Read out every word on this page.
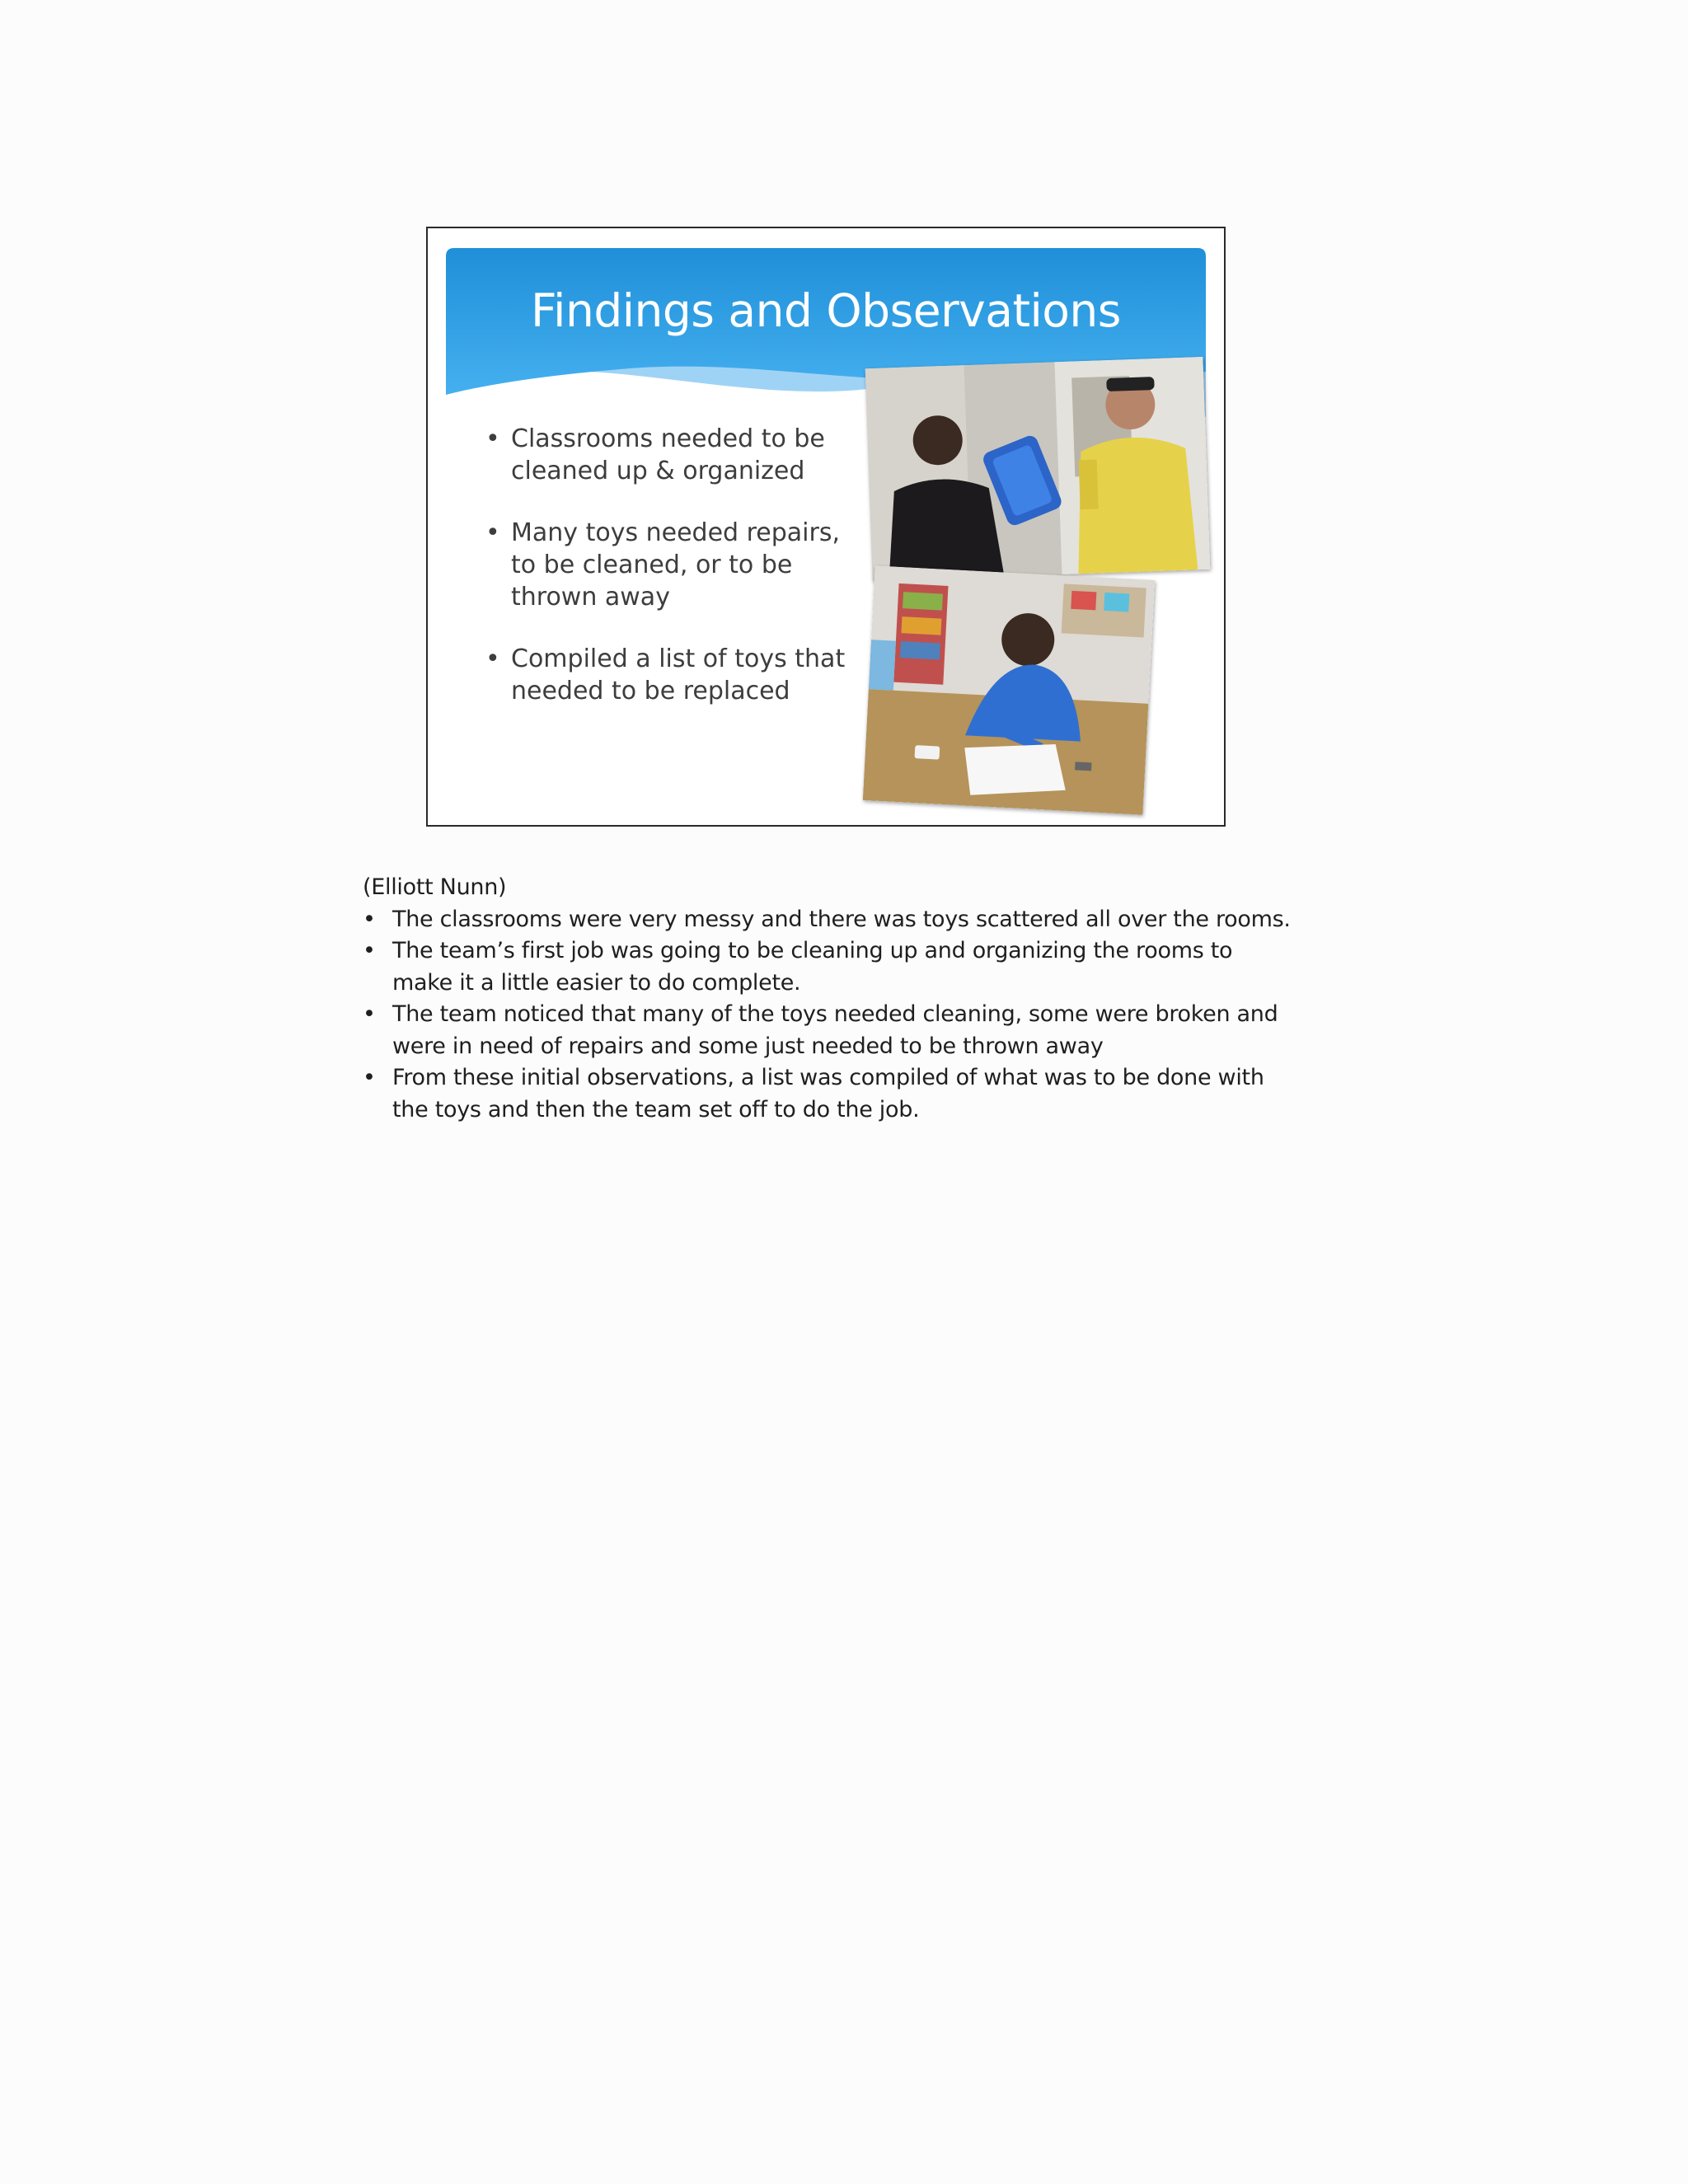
Findings and Observations
• Classrooms needed to be cleaned up & organized
• Many toys needed repairs, to be cleaned, or to be thrown away
• Compiled a list of toys that needed to be replaced

(Elliott Nunn)

• The classrooms were very messy and there was toys scattered all over the rooms.
• The team’s first job was going to be cleaning up and organizing the rooms to make it a little easier to do complete.
• The team noticed that many of the toys needed cleaning, some were broken and were in need of repairs and some just needed to be thrown away
• From these initial observations, a list was compiled of what was to be done with the toys and then the team set off to do the job.
